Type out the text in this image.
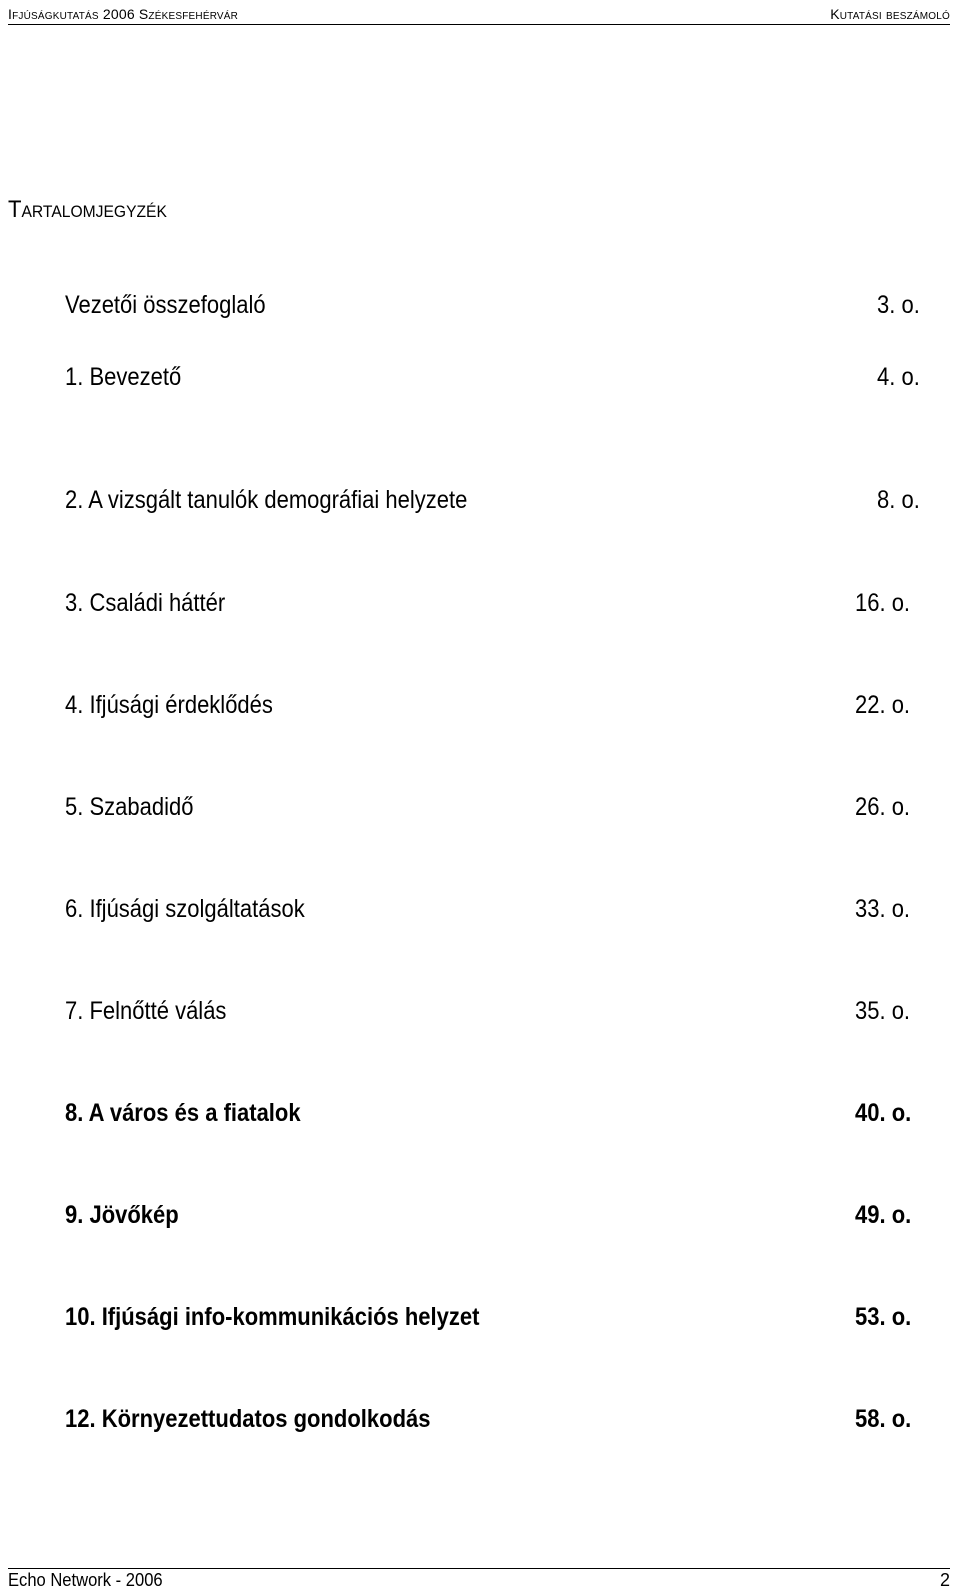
Ifjúságkutatás 2006 Székesfehérvár	Kutatási beszámoló
Tartalomjegyzék
Vezetői összefoglaló	3. o.
1. Bevezető	4. o.
2. A vizsgált tanulók demográfiai helyzete	8. o.
3. Családi háttér	16. o.
4. Ifjúsági érdeklődés	22. o.
5. Szabadidő	26. o.
6. Ifjúsági szolgáltatások	33. o.
7. Felnőtté válás	35. o.
8. A város és a fiatalok	40. o.
9. Jövőkép	49. o.
10. Ifjúsági info-kommunikációs helyzet	53. o.
12. Környezettudatos gondolkodás	58. o.
Echo Network - 2006	2
